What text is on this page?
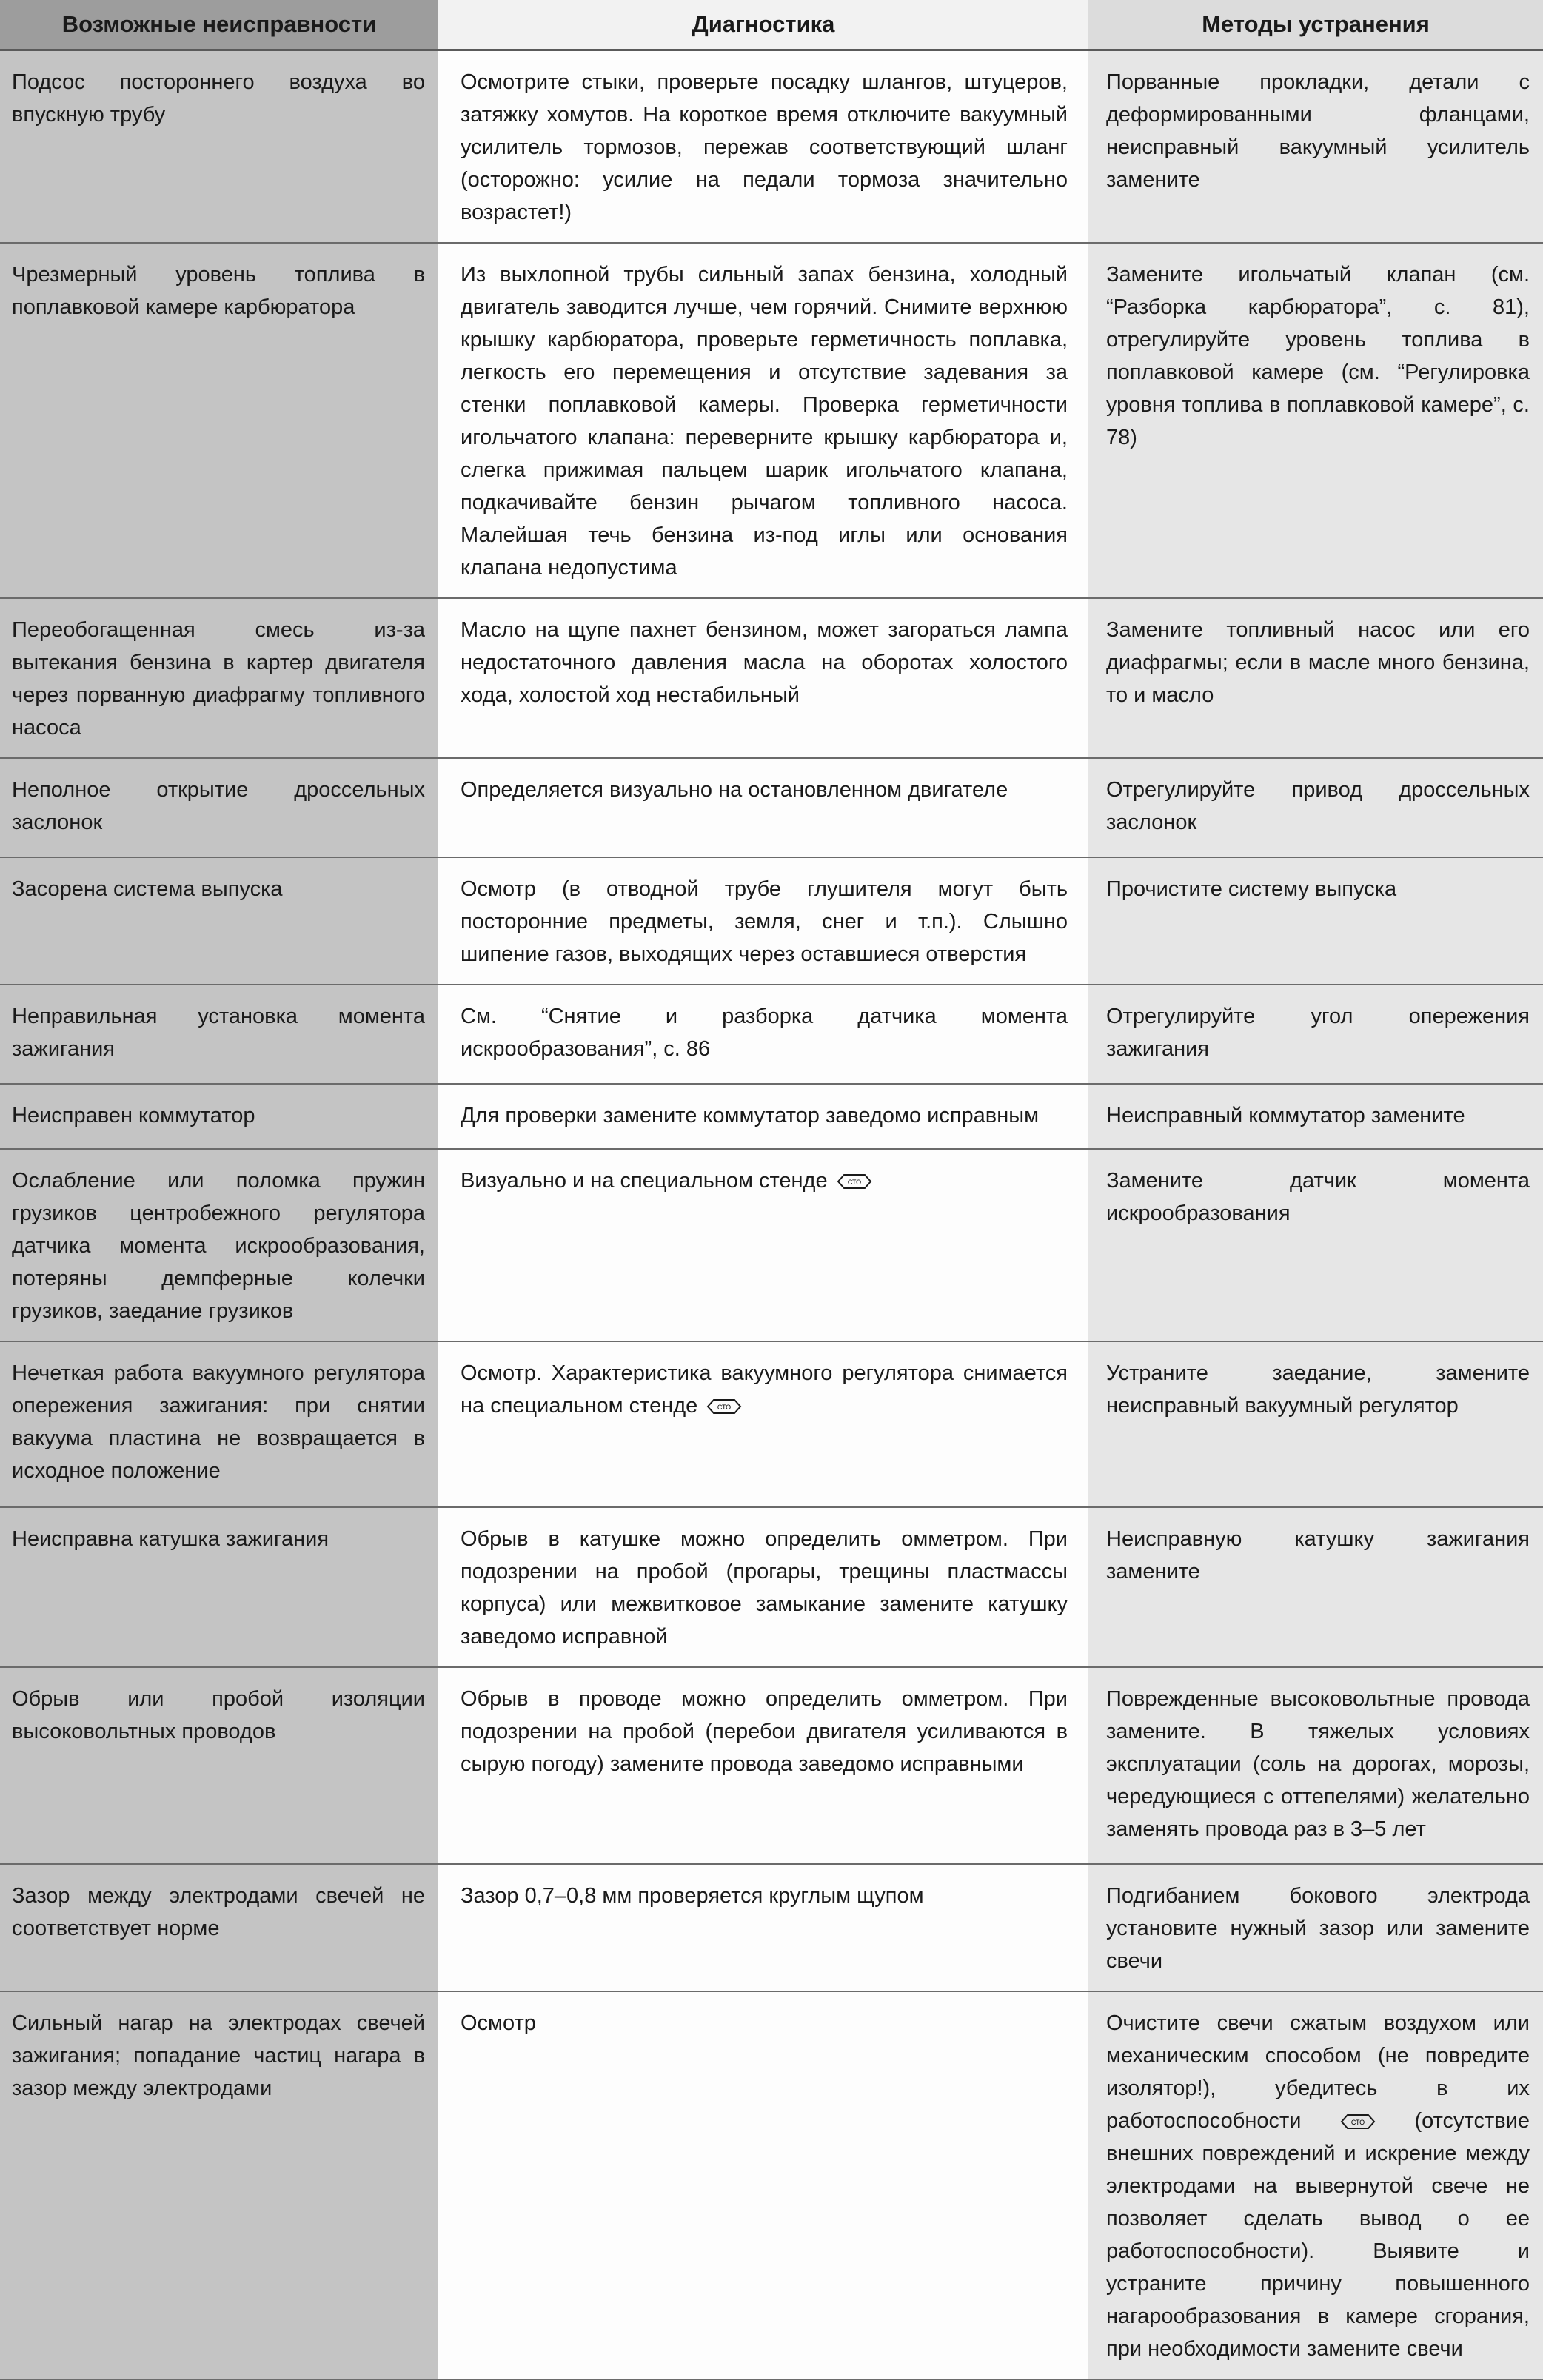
Возможные неисправности	Диагностика	Методы устранения
Подсос постороннего воздуха во впускную трубу	Осмотрите стыки, проверьте посадку шлангов, штуцеров, затяжку хомутов. На короткое время отключите вакуумный усилитель тормозов, пережав соответствующий шланг (осторожно: усилие на педали тормоза значительно возрастет!)	Порванные прокладки, детали с деформированными фланцами, неисправный вакуумный усилитель замените
Чрезмерный уровень топлива в поплавковой камере карбюратора	Из выхлопной трубы сильный запах бензина, холодный двигатель заводится лучше, чем горячий. Снимите верхнюю крышку карбюратора, проверьте герметичность поплавка, легкость его перемещения и отсутствие задевания за стенки поплавковой камеры. Проверка герметичности игольчатого клапана: переверните крышку карбюратора и, слегка прижимая пальцем шарик игольчатого клапана, подкачивайте бензин рычагом топливного насоса. Малейшая течь бензина из-под иглы или основания клапана недопустима	Замените игольчатый клапан (см. “Разборка карбюратора”, с. 81), отрегулируйте уровень топлива в поплавковой камере (см. “Регулировка уровня топлива в поплавковой камере”, с. 78)
Переобогащенная смесь из-за вытекания бензина в картер двигателя через порванную диафрагму топливного насоса	Масло на щупе пахнет бензином, может загораться лампа недостаточного давления масла на оборотах холостого хода, холостой ход нестабильный	Замените топливный насос или его диафрагмы; если в масле много бензина, то и масло
Неполное открытие дроссельных заслонок	Определяется визуально на остановленном двигателе	Отрегулируйте привод дроссельных заслонок
Засорена система выпуска	Осмотр (в отводной трубе глушителя могут быть посторонние предметы, земля, снег и т.п.). Слышно шипение газов, выходящих через оставшиеся отверстия	Прочистите систему выпуска
Неправильная установка момента зажигания	См. “Снятие и разборка датчика момента искрообразования”, с. 86	Отрегулируйте угол опережения зажигания
Неисправен коммутатор	Для проверки замените коммутатор заведомо исправным	Неисправный коммутатор замените
Ослабление или поломка пружин грузиков центробежного регулятора датчика момента искрообразования, потеряны демпферные колечки грузиков, заедание грузиков	Визуально и на специальном стенде СТО	Замените датчик момента искрообразования
Нечеткая работа вакуумного регулятора опережения зажигания: при снятии вакуума пластина не возвращается в исходное положение	Осмотр. Характеристика вакуумного регулятора снимается на специальном стенде СТО	Устраните заедание, замените неисправный вакуумный регулятор
Неисправна катушка зажигания	Обрыв в катушке можно определить омметром. При подозрении на пробой (прогары, трещины пластмассы корпуса) или межвитковое замыкание замените катушку заведомо исправной	Неисправную катушку зажигания замените
Обрыв или пробой изоляции высоковольтных проводов	Обрыв в проводе можно определить омметром. При подозрении на пробой (перебои двигателя усиливаются в сырую погоду) замените провода заведомо исправными	Поврежденные высоковольтные провода замените. В тяжелых условиях эксплуатации (соль на дорогах, морозы, чередующиеся с оттепелями) желательно заменять провода раз в 3–5 лет
Зазор между электродами свечей не соответствует норме	Зазор 0,7–0,8 мм проверяется круглым щупом	Подгибанием бокового электрода установите нужный зазор или замените свечи
Сильный нагар на электродах свечей зажигания; попадание частиц нагара в зазор между электродами	Осмотр	Очистите свечи сжатым воздухом или механическим способом (не повредите изолятор!), убедитесь в их работоспособности СТО (отсутствие внешних повреждений и искрение между электродами на вывернутой свече не позволяет сделать вывод о ее работоспособности). Выявите и устраните причину повышенного нагарообразования в камере сгорания, при необходимости замените свечи
